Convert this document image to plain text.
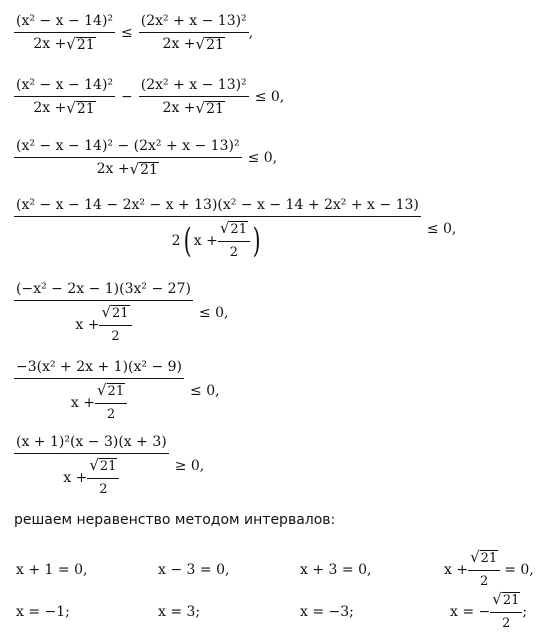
$\frac{\text{(x² − x − 14)²}}{2x + √ 21} \le \frac{\text{(2x² + x − 13)²}}{2x + √ 21}$ ,
$\frac{\text{(x² − x − 14)²}}{2x + √ 21} - \frac{\text{(2x² + x − 13)²}}{2x + √ 21} \le 0$,
$\frac{\text{(x² − x − 14)² − (2x² + x − 13)²}}{2x + √ 21} \le 0$,
(x² − x − 14 − 2x² − x + 13)(x² − x − 14 + 2x² + x − 13)
2 ( $x + \frac{√ 21}{2}$ )	≤ 0,
$\frac{\text{(−x² − 2x − 1)(3x² − 27)}}{x + \frac{√ 21}{2}} \le 0$,
$\frac{\text{−3(x² + 2x + 1)(x² − 9)}}{x + \frac{√ 21}{2}} \le 0$,
$\frac{\text{(x + 1)²(x − 3)(x + 3)}}{x + \frac{√ 21}{2}} \ge 0$,
решаем неравенство методом интервалов:
x + 1 = 0,	x − 3 = 0,	x + 3 = 0,	$x + \frac{√ 21}{2} = 0$,
x = −1;	x = 3;	x = −3;	x = − $\frac{√ 21}{2}$ ;
